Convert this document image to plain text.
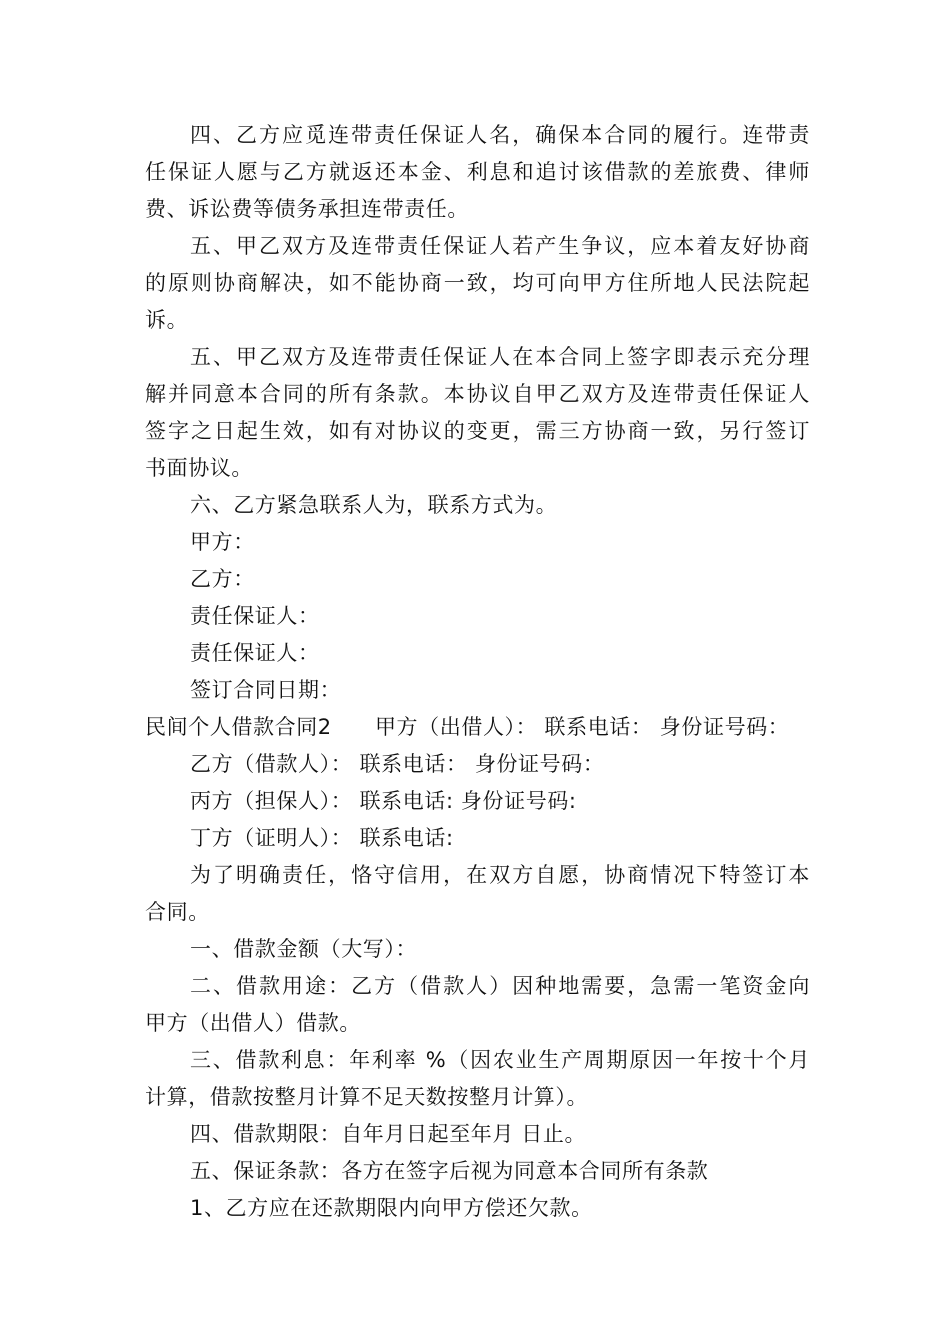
四、乙方应觅连带责任保证人名，确保本合同的履行。连带责
任保证人愿与乙方就返还本金、利息和追讨该借款的差旅费、律师
费、诉讼费等债务承担连带责任。
五、甲乙双方及连带责任保证人若产生争议，应本着友好协商
的原则协商解决，如不能协商一致，均可向甲方住所地人民法院起
诉。
五、甲乙双方及连带责任保证人在本合同上签字即表示充分理
解并同意本合同的所有条款。本协议自甲乙双方及连带责任保证人
签字之日起生效，如有对协议的变更，需三方协商一致，另行签订
书面协议。
六、乙方紧急联系人为，联系方式为。
甲方：
乙方：
责任保证人：
责任保证人：
签订合同日期：
民间个人借款合同2　　甲方（出借人）： 联系电话： 身份证号码：
乙方（借款人）： 联系电话： 身份证号码：
丙方（担保人）： 联系电话: 身份证号码:
丁方（证明人）： 联系电话:
为了明确责任，恪守信用，在双方自愿，协商情况下特签订本
合同。
一、借款金额（大写）：
二、借款用途：乙方（借款人）因种地需要，急需一笔资金向
甲方（出借人）借款。
三、借款利息：年利率 %（因农业生产周期原因一年按十个月
计算，借款按整月计算不足天数按整月计算）。
四、借款期限：自年月日起至年月 日止。
五、保证条款：各方在签字后视为同意本合同所有条款
1、乙方应在还款期限内向甲方偿还欠款。
